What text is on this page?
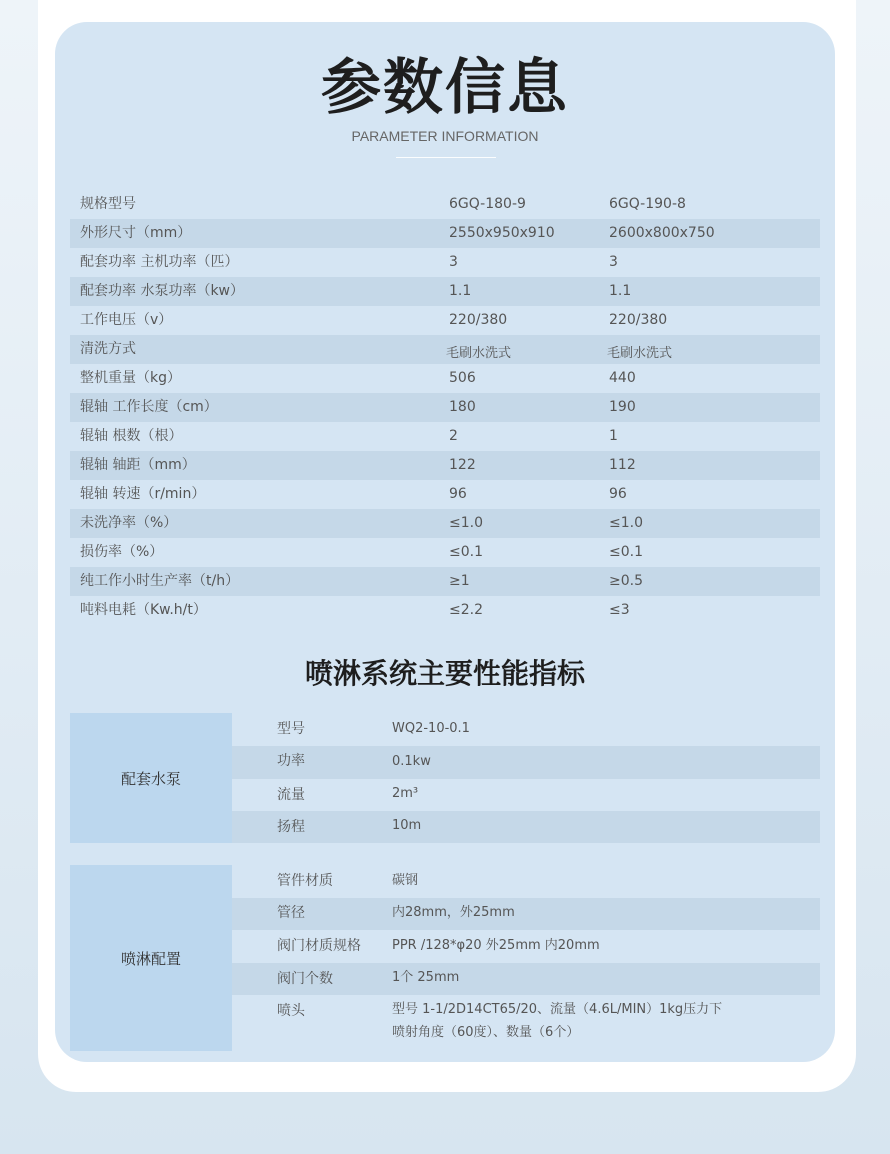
参数信息
PARAMETER INFORMATION
规格型号	6GQ-180-9	6GQ-190-8
外形尺寸（mm）	2550x950x910	2600x800x750
配套功率 主机功率（匹）	3	3
配套功率 水泵功率（kw）	1.1	1.1
工作电压（v）	220/380	220/380
清洗方式	毛刷水洗式	毛刷水洗式
整机重量（kg）	506	440
辊轴 工作长度（cm）	180	190
辊轴 根数（根）	2	1
辊轴 轴距（mm）	122	112
辊轴 转速（r/min）	96	96
未洗净率（%）	≤1.0	≤1.0
损伤率（%）	≤0.1	≤0.1
纯工作小时生产率（t/h）	≥1	≥0.5
吨料电耗（Kw.h/t）	≤2.2	≤3
喷淋系统主要性能指标
配套水泵
型号	WQ2-10-0.1
功率	0.1kw
流量	2m³
扬程	10m
喷淋配置
管件材质	碳钢
管径	内28mm，外25mm
阀门材质规格 PPR /128*φ20 外25mm 内20mm
阀门个数	1个 25mm
喷头	型号 1-1/2D14CT65/20、流量（4.6L/MIN）1kg压力下
喷射角度（60度）、数量（6个）
